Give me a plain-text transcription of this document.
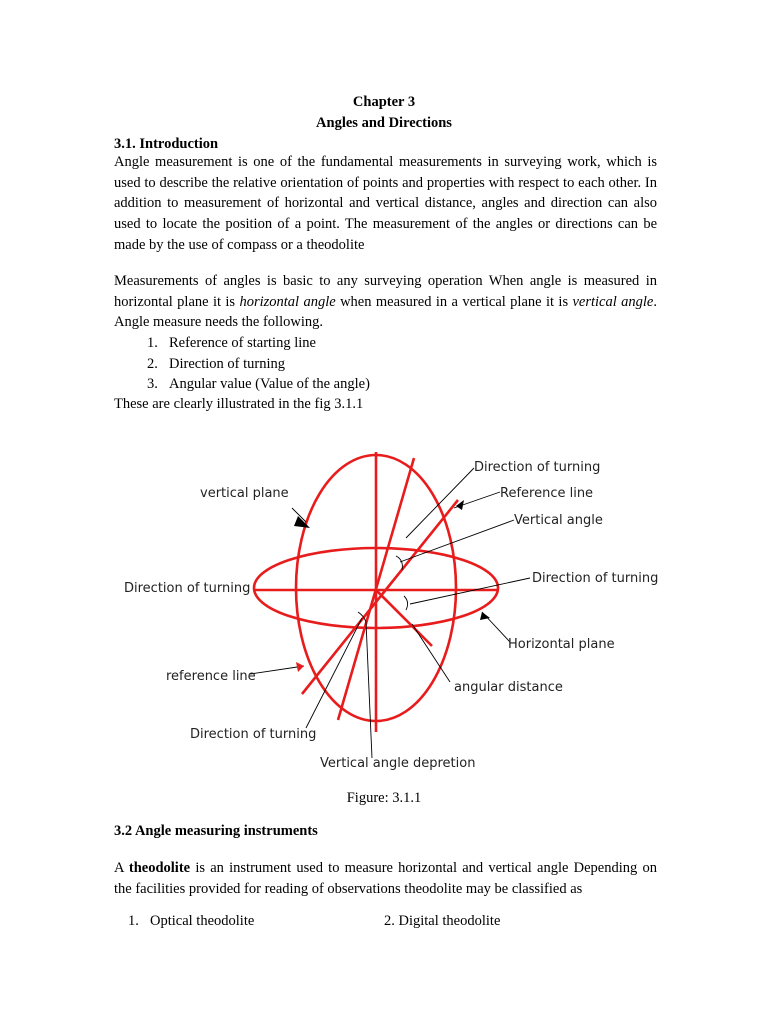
Chapter 3
Angles and Directions
3.1. Introduction

Angle measurement is one of the fundamental measurements in surveying work, which is used to describe the relative orientation of points and properties with respect to each other. In addition to measurement of horizontal and vertical distance, angles and direction can also used to locate the position of a point. The measurement of the angles or directions can be made by the use of compass or a theodolite

Measurements of angles is basic to any surveying operation When angle is measured in horizontal plane it is horizontal angle when measured in a vertical plane it is vertical angle. Angle measure needs the following.

1. Reference of starting line
2. Direction of turning
3. Angular value (Value of the angle)
These are clearly illustrated in the fig 3.1.1
Direction of turning
Reference line
Vertical angle
vertical plane
Direction of turning
Direction of turning
Horizontal plane
reference line
angular distance
Direction of turning
Vertical angle depretion
Figure: 3.1.1
3.2 Angle measuring instruments

A theodolite is an instrument used to measure horizontal and vertical angle Depending on the facilities provided for reading of observations theodolite may be classified as

1. Optical theodolite	2. Digital theodolite
